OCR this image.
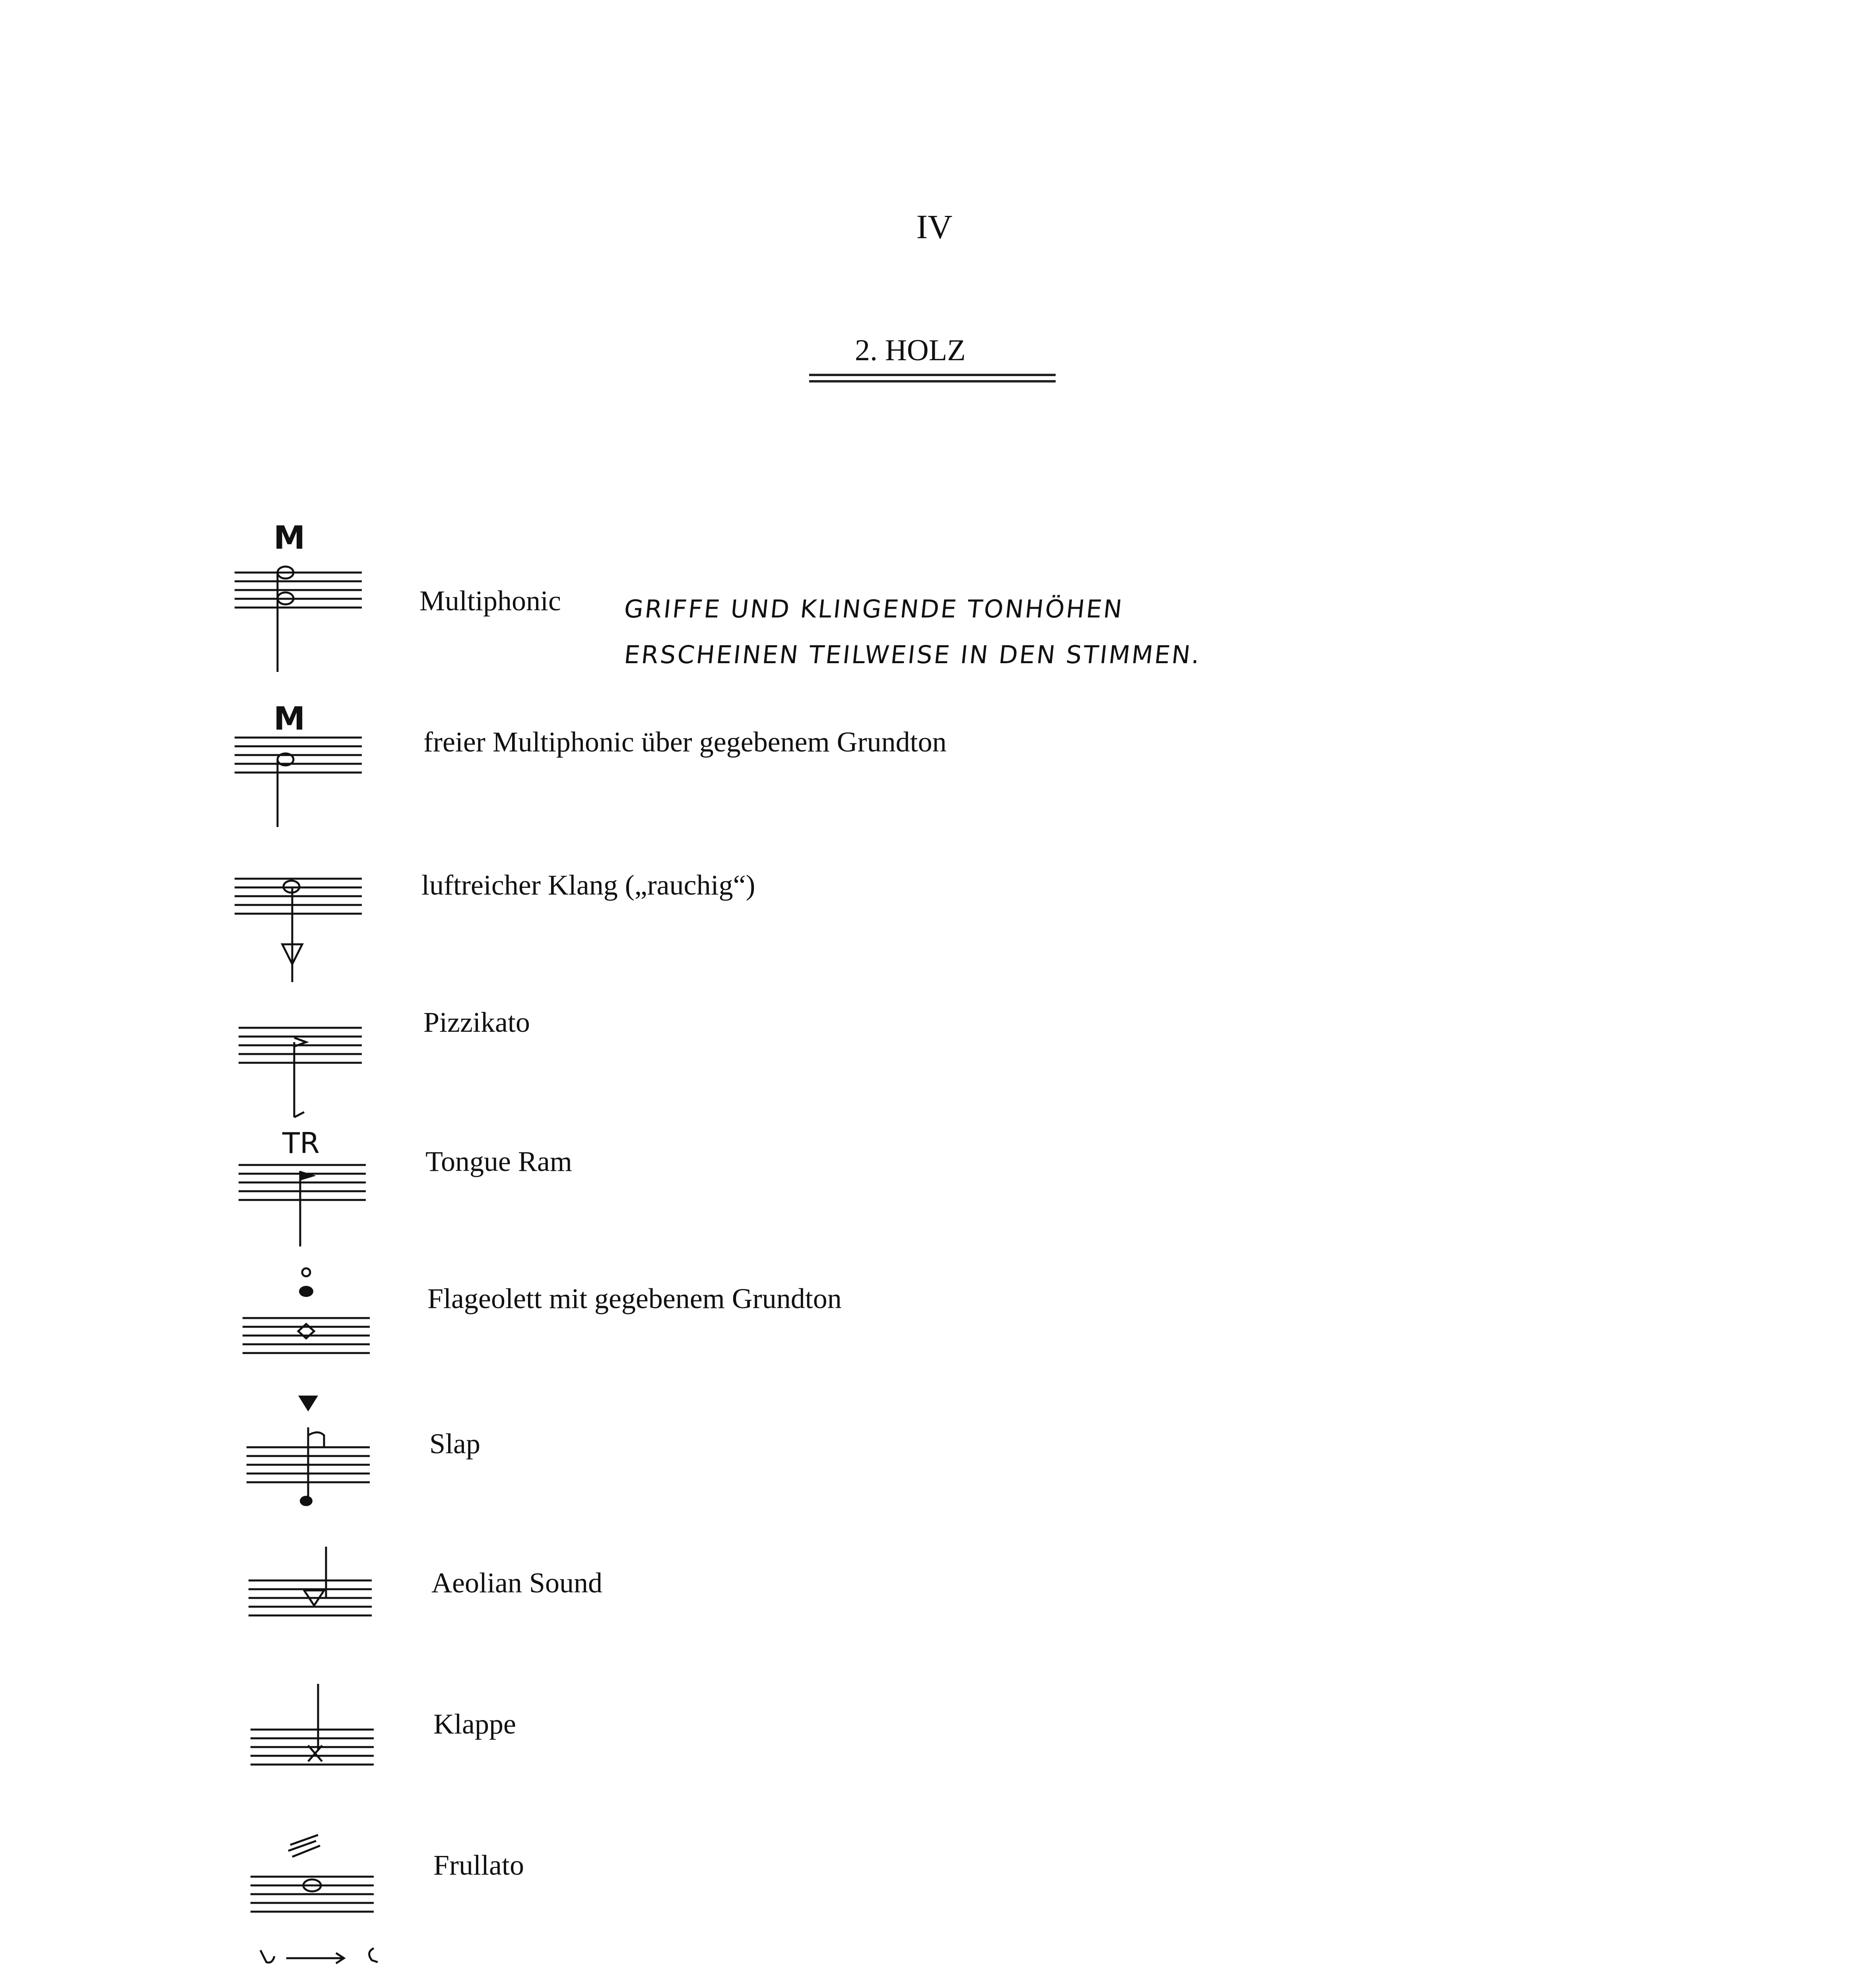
IV
2. HOLZ
GRIFFE UND KLINGENDE TONHÖHEN
ERSCHEINEN TEILWEISE IN DEN STIMMEN.
M
Multiphonic
M
freier Multiphonic über gegebenem Grundton
luftreicher Klang („rauchig“)
Pizzikato
TR
Tongue Ram
Flageolett mit gegebenem Grundton
Slap
Aeolian Sound
Klappe
Frullato
